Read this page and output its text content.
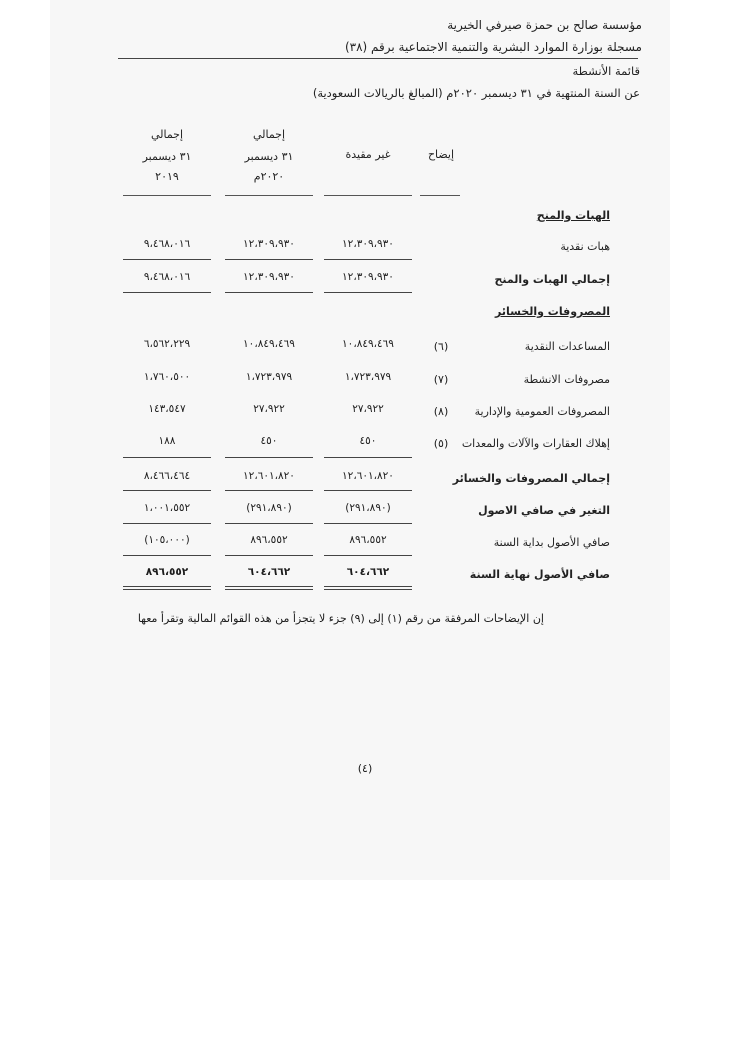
مؤسسة صالح بن حمزة صيرفي الخيرية
مسجلة بوزارة الموارد البشرية والتنمية الاجتماعية برقم (٣٨)
قائمة الأنشطة
عن السنة المنتهية في ٣١ ديسمبر ٢٠٢٠م (المبالغ بالريالات السعودية)
إيضاح
غير مقيدة
إجمالي
٣١ ديسمبر
٢٠٢٠م
إجمالي
٣١ ديسمبر
٢٠١٩
الهبات والمنح
هبات نقدية
١٢،٣٠٩،٩٣٠
١٢،٣٠٩،٩٣٠
٩،٤٦٨،٠١٦
إجمالي الهبات والمنح
١٢،٣٠٩،٩٣٠
١٢،٣٠٩،٩٣٠
٩،٤٦٨،٠١٦
المصروفات والخسائر
المساعدات النقدية
(٦)
١٠،٨٤٩،٤٦٩
١٠،٨٤٩،٤٦٩
٦،٥٦٢،٢٢٩
مصروفات الانشطة
(٧)
١،٧٢٣،٩٧٩
١،٧٢٣،٩٧٩
١،٧٦٠،٥٠٠
المصروفات العمومية والإدارية
(٨)
٢٧،٩٢٢
٢٧،٩٢٢
١٤٣،٥٤٧
إهلاك العقارات والآلات والمعدات
(٥)
٤٥٠
٤٥٠
١٨٨
إجمالي المصروفات والخسائر
١٢،٦٠١،٨٢٠
١٢،٦٠١،٨٢٠
٨،٤٦٦،٤٦٤
التغير في صافي الاصول
(٢٩١،٨٩٠)
(٢٩١،٨٩٠)
١،٠٠١،٥٥٢
صافي الأصول بداية السنة
٨٩٦،٥٥٢
٨٩٦،٥٥٢
(١٠٥،٠٠٠)
صافي الأصول نهاية السنة
٦٠٤،٦٦٢
٦٠٤،٦٦٢
٨٩٦،٥٥٢
إن الإيضاحات المرفقة من رقم (١) إلى (٩) جزء لا يتجزأ من هذه القوائم المالية وتقرأ معها
(٤)
